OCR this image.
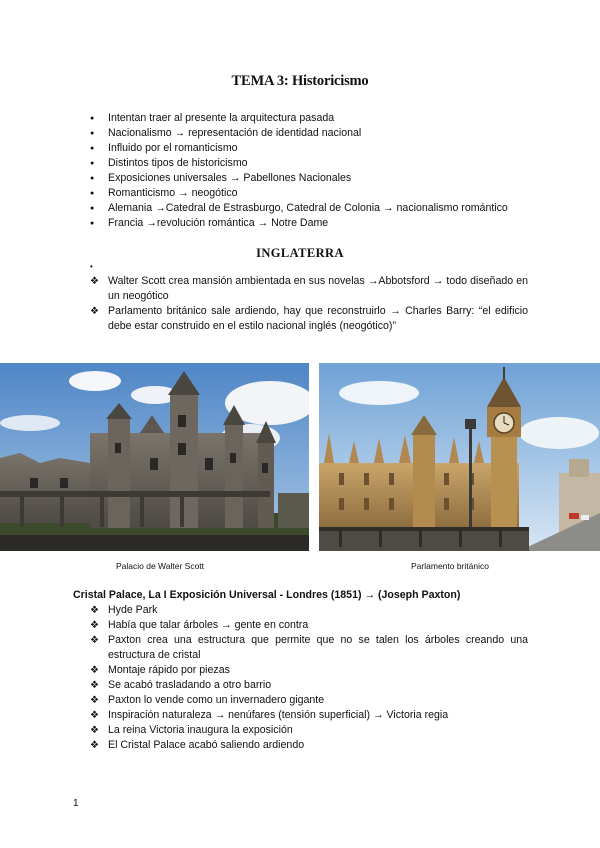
TEMA 3: Historicismo
● Intentan traer al presente la arquitectura pasada
● Nacionalismo → representación de identidad nacional
● Influido por el romanticismo
● Distintos tipos de historicismo
● Exposiciones universales → Pabellones Nacionales
● Romanticismo → neogótico
● Alemania →Catedral de Estrasburgo, Catedral de Colonia → nacionalismo romántico
● Francia →revolución romántica → Notre Dame
INGLATERRA
•
❖ Walter Scott crea mansión ambientada en sus novelas →Abbotsford → todo diseñado en un neogótico
❖ Parlamento británico sale ardiendo, hay que reconstruirlo → Charles Barry: “el edificio debe estar construido en el estilo nacional inglés (neogótico)”
Palacio de Walter Scott	Parlamento británico
Cristal Palace, La I Exposición Universal - Londres (1851) → (Joseph Paxton)
❖ Hyde Park
❖ Había que talar árboles → gente en contra
❖ Paxton crea una estructura que permite que no se talen los árboles creando una estructura de cristal
❖ Montaje rápido por piezas
❖ Se acabó trasladando a otro barrio
❖ Paxton lo vende como un invernadero gigante
❖ Inspiración naturaleza → nenúfares (tensión superficial) → Victoria regia
❖ La reina Victoria inaugura la exposición
❖ El Cristal Palace acabó saliendo ardiendo
1
